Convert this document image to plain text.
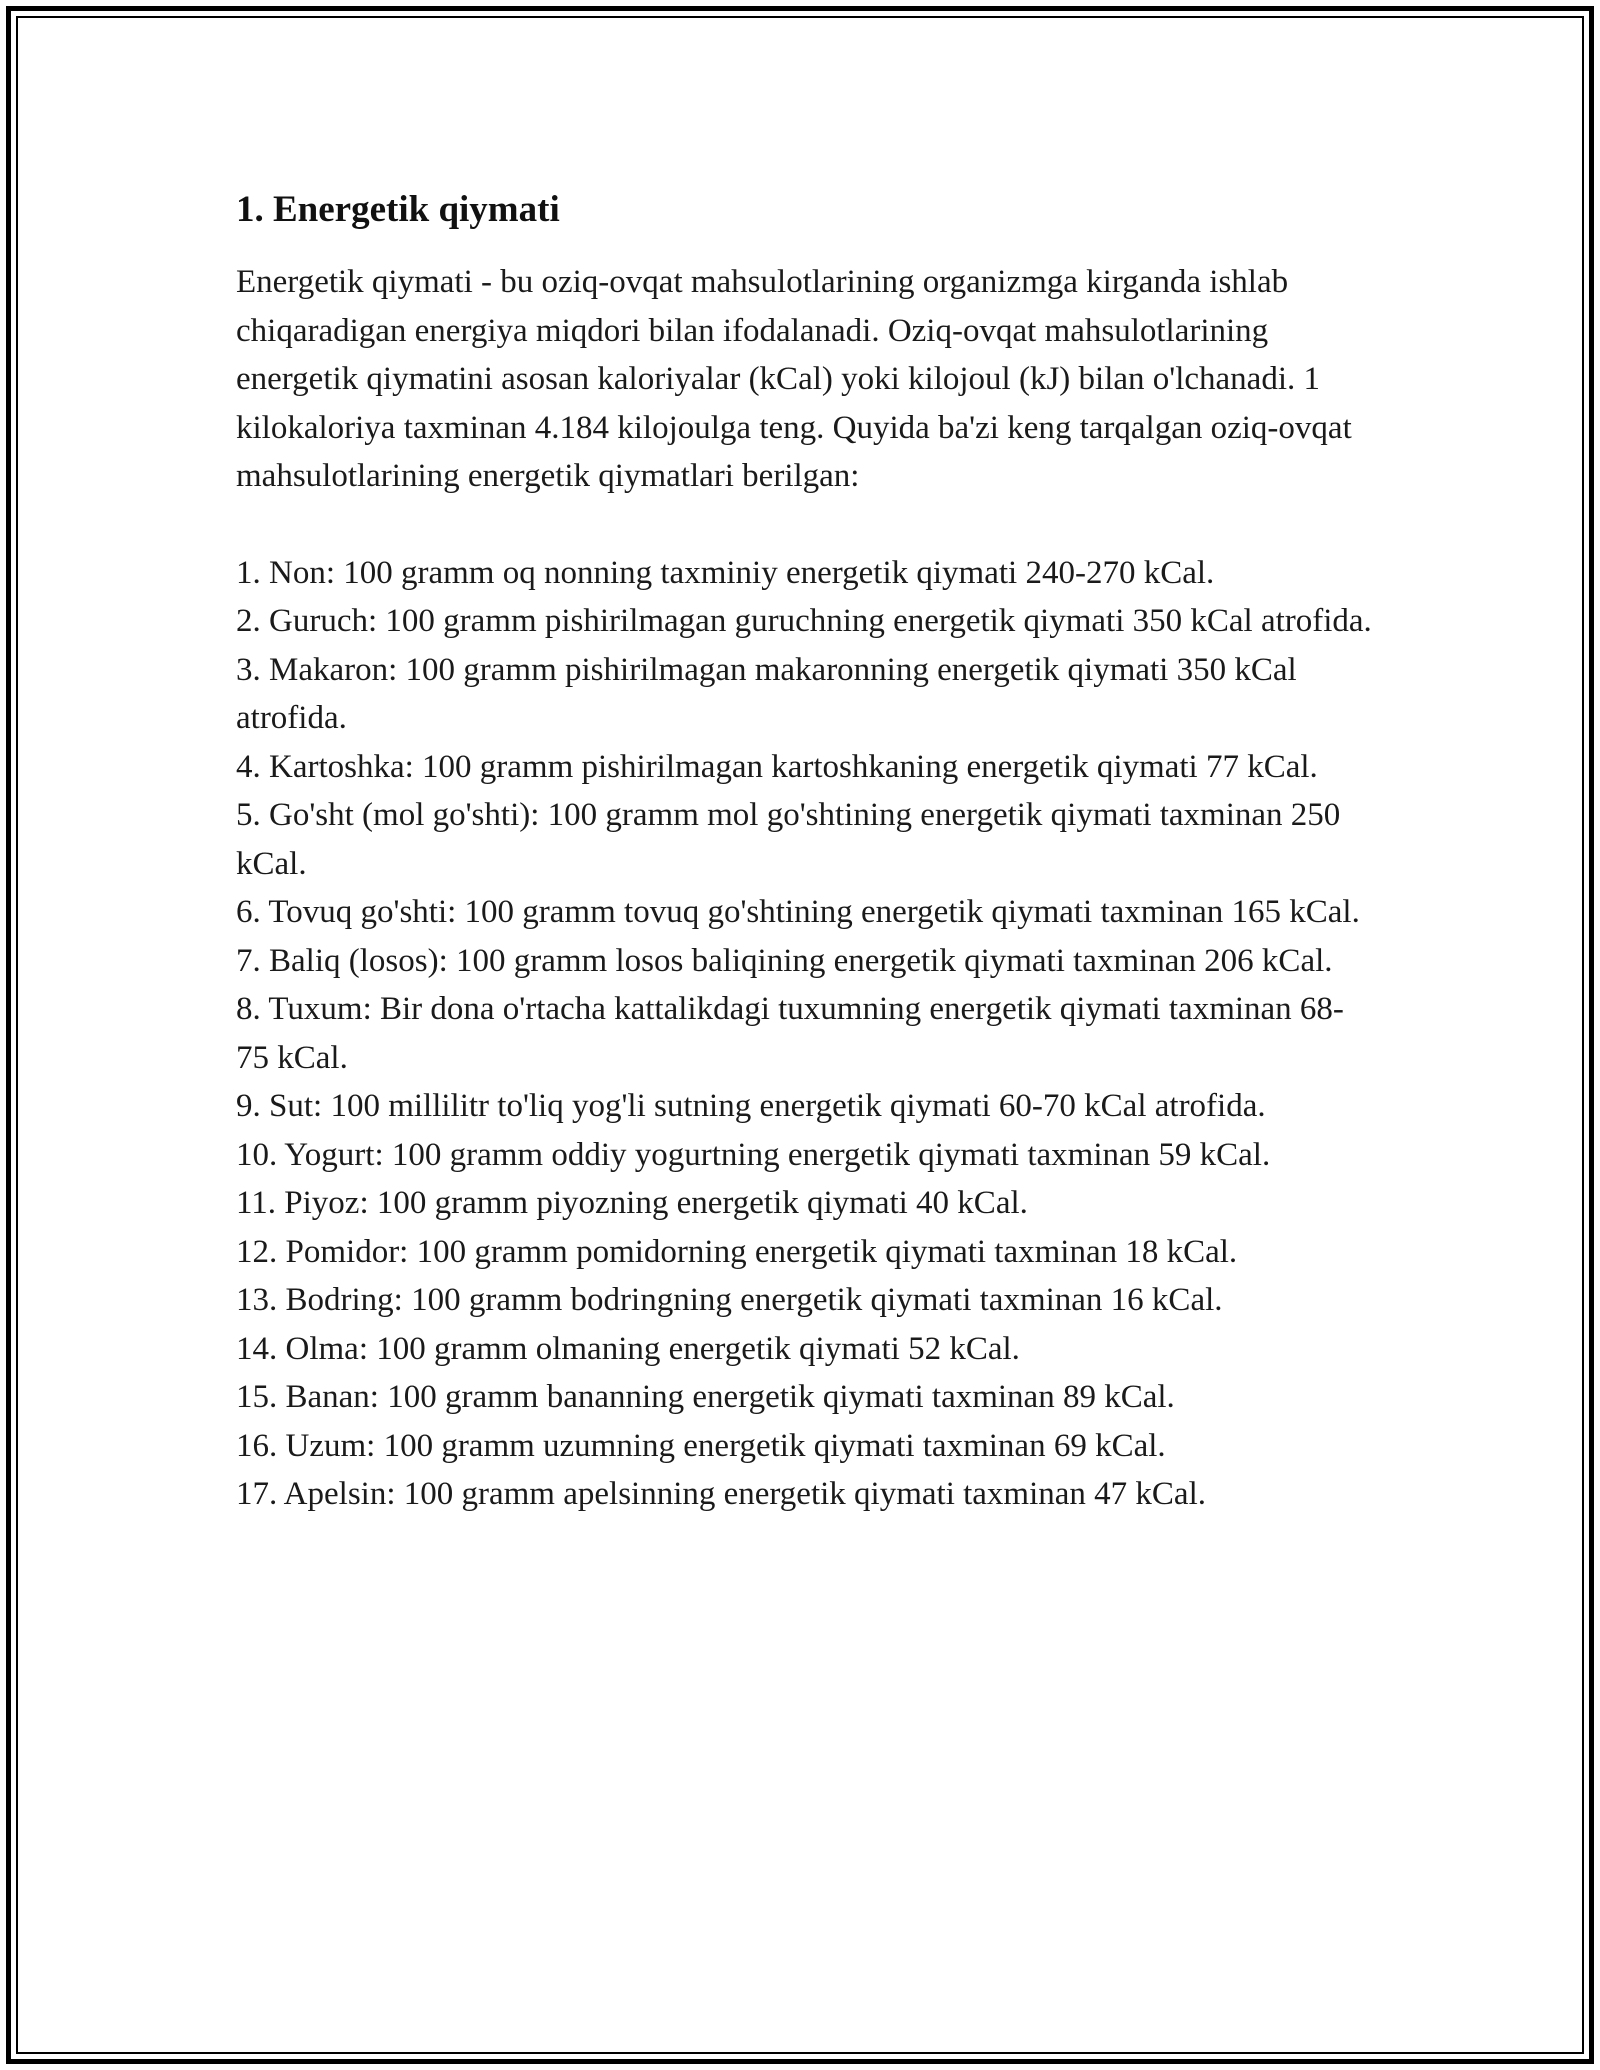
1. Energetik qiymati

Energetik qiymati - bu oziq-ovqat mahsulotlarining organizmga kirganda ishlab chiqaradigan energiya miqdori bilan ifodalanadi. Oziq-ovqat mahsulotlarining energetik qiymatini asosan kaloriyalar (kCal) yoki kilojoul (kJ) bilan o'lchanadi. 1 kilokaloriya taxminan 4.184 kilojoulga teng. Quyida ba'zi keng tarqalgan oziq-ovqat mahsulotlarining energetik qiymatlari berilgan:

1. Non: 100 gramm oq nonning taxminiy energetik qiymati 240-270 kCal.
2. Guruch: 100 gramm pishirilmagan guruchning energetik qiymati 350 kCal atrofida.
3. Makaron: 100 gramm pishirilmagan makaronning energetik qiymati 350 kCal atrofida.
4. Kartoshka: 100 gramm pishirilmagan kartoshkaning energetik qiymati 77 kCal.
5. Go'sht (mol go'shti): 100 gramm mol go'shtining energetik qiymati taxminan 250 kCal.
6. Tovuq go'shti: 100 gramm tovuq go'shtining energetik qiymati taxminan 165 kCal.
7. Baliq (losos): 100 gramm losos baliqining energetik qiymati taxminan 206 kCal.
8. Tuxum: Bir dona o'rtacha kattalikdagi tuxumning energetik qiymati taxminan 68-75 kCal.
9. Sut: 100 millilitr to'liq yog'li sutning energetik qiymati 60-70 kCal atrofida.
10. Yogurt: 100 gramm oddiy yogurtning energetik qiymati taxminan 59 kCal.
11. Piyoz: 100 gramm piyozning energetik qiymati 40 kCal.
12. Pomidor: 100 gramm pomidorning energetik qiymati taxminan 18 kCal.
13. Bodring: 100 gramm bodringning energetik qiymati taxminan 16 kCal.
14. Olma: 100 gramm olmaning energetik qiymati 52 kCal.
15. Banan: 100 gramm bananning energetik qiymati taxminan 89 kCal.
16. Uzum: 100 gramm uzumning energetik qiymati taxminan 69 kCal.
17. Apelsin: 100 gramm apelsinning energetik qiymati taxminan 47 kCal.
